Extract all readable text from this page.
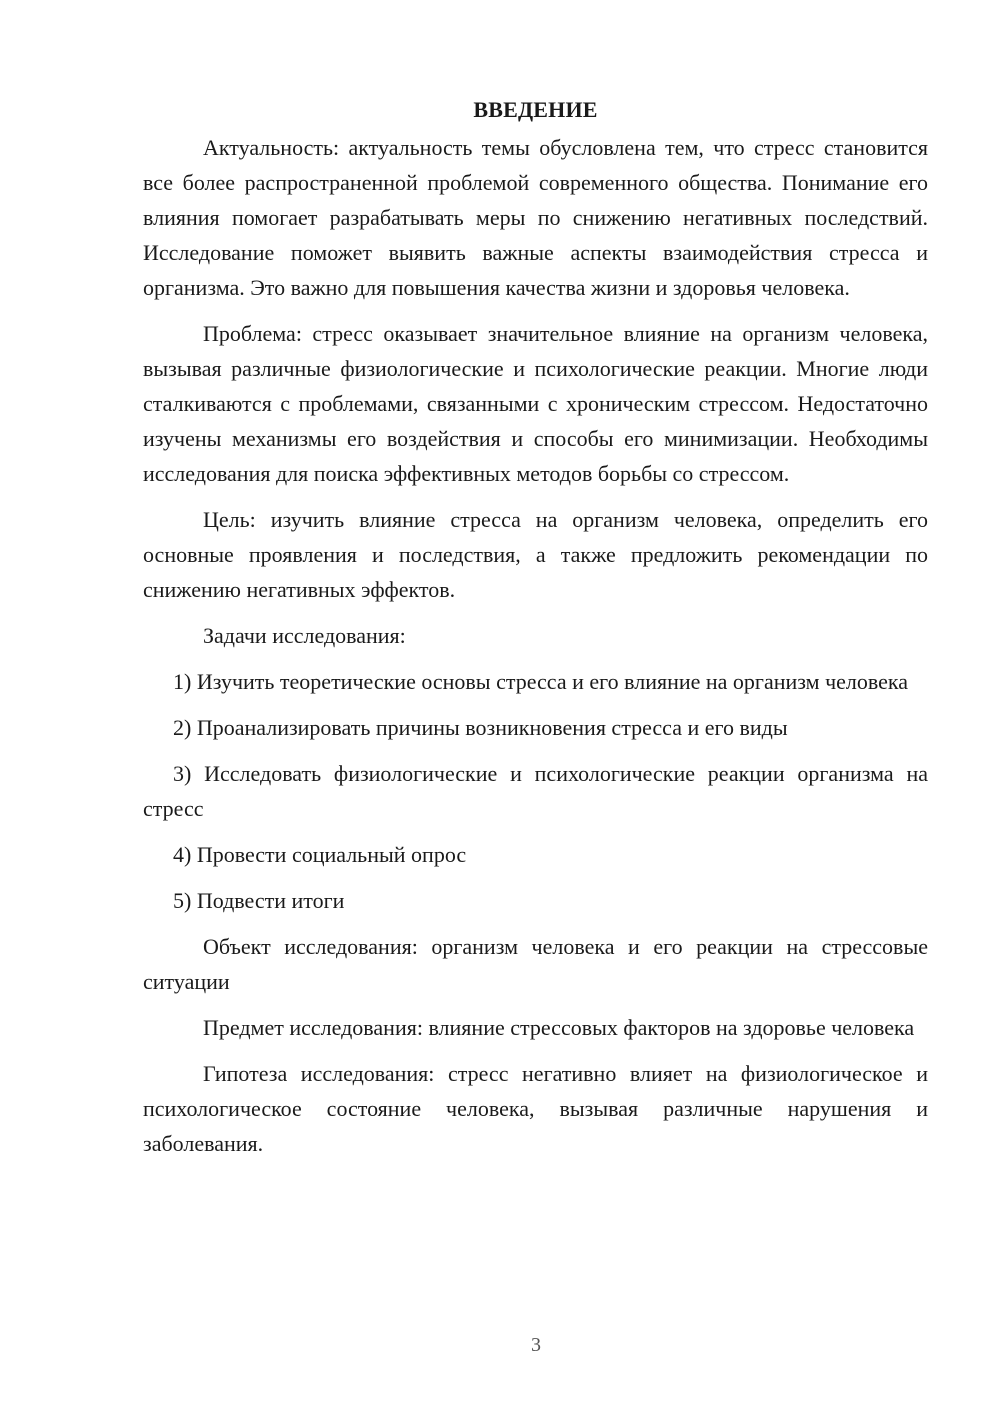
ВВЕДЕНИЕ

Актуальность: актуальность темы обусловлена тем, что стресс становится все более распространенной проблемой современного общества. Понимание его влияния помогает разрабатывать меры по снижению негативных последствий. Исследование поможет выявить важные аспекты взаимодействия стресса и организма. Это важно для повышения качества жизни и здоровья человека.

Проблема: стресс оказывает значительное влияние на организм человека, вызывая различные физиологические и психологические реакции. Многие люди сталкиваются с проблемами, связанными с хроническим стрессом. Недостаточно изучены механизмы его воздействия и способы его минимизации. Необходимы исследования для поиска эффективных методов борьбы со стрессом.

Цель: изучить влияние стресса на организм человека, определить его основные проявления и последствия, а также предложить рекомендации по снижению негативных эффектов.

Задачи исследования:

1) Изучить теоретические основы стресса и его влияние на организм человека

2) Проанализировать причины возникновения стресса и его виды

3) Исследовать физиологические и психологические реакции организма на стресс

4) Провести социальный опрос

5) Подвести итоги

Объект исследования: организм человека и его реакции на стрессовые ситуации

Предмет исследования: влияние стрессовых факторов на здоровье человека

Гипотеза исследования: стресс негативно влияет на физиологическое и психологическое состояние человека, вызывая различные нарушения и заболевания.

3
